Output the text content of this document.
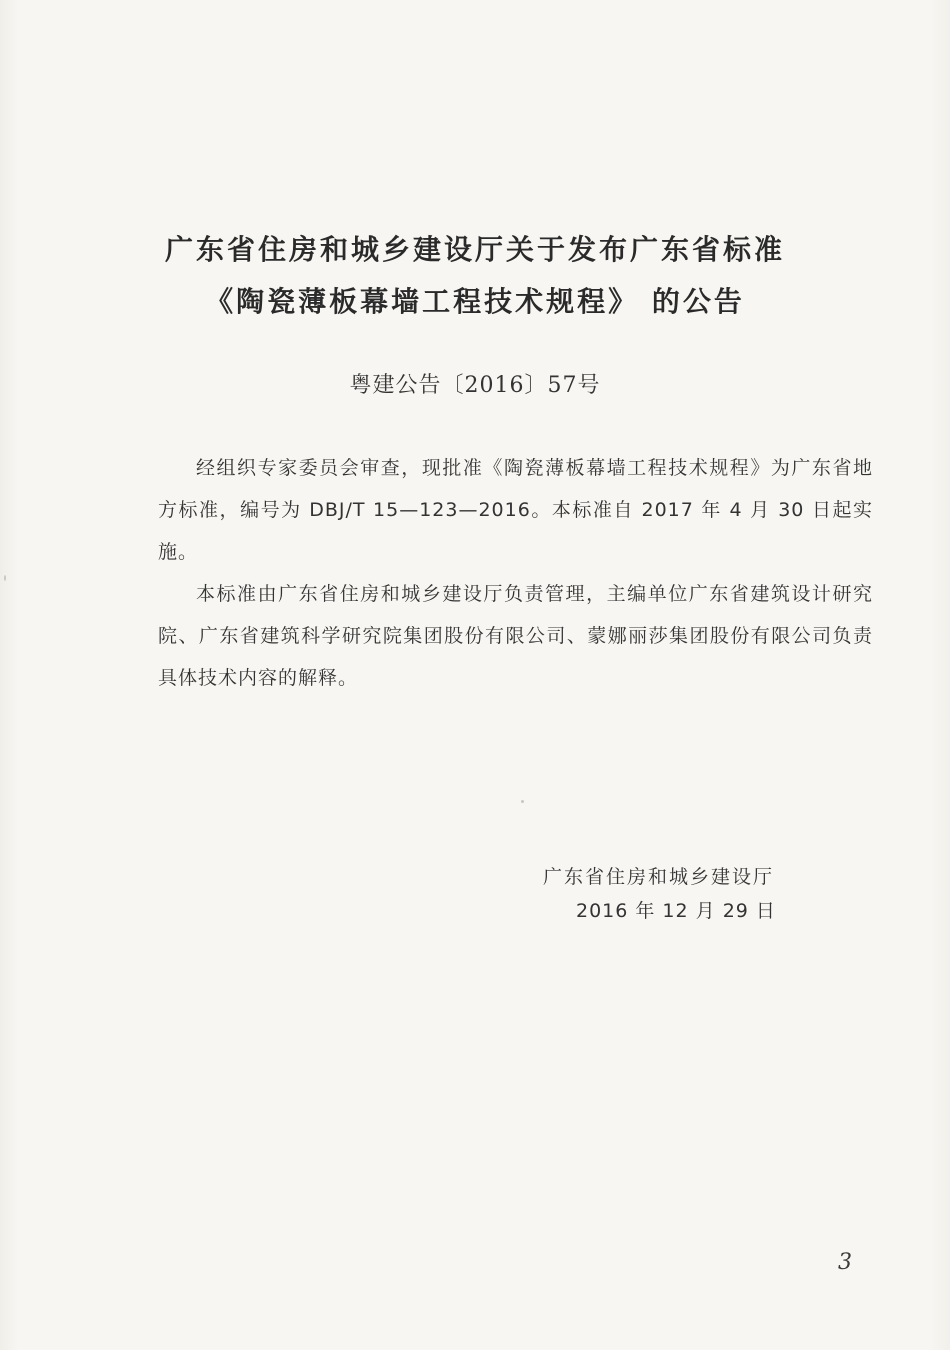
广东省住房和城乡建设厅关于发布广东省标准
《陶瓷薄板幕墙工程技术规程》 的公告
粤建公告〔2016〕57号

经组织专家委员会审查，现批准《陶瓷薄板幕墙工程技术规程》为广东省地方标准，编号为 DBJ/T 15—123—2016。本标准自 2017 年 4 月 30 日起实施。

本标准由广东省住房和城乡建设厅负责管理，主编单位广东省建筑设计研究院、广东省建筑科学研究院集团股份有限公司、蒙娜丽莎集团股份有限公司负责具体技术内容的解释。

广东省住房和城乡建设厅
2016 年 12 月 29 日
3
